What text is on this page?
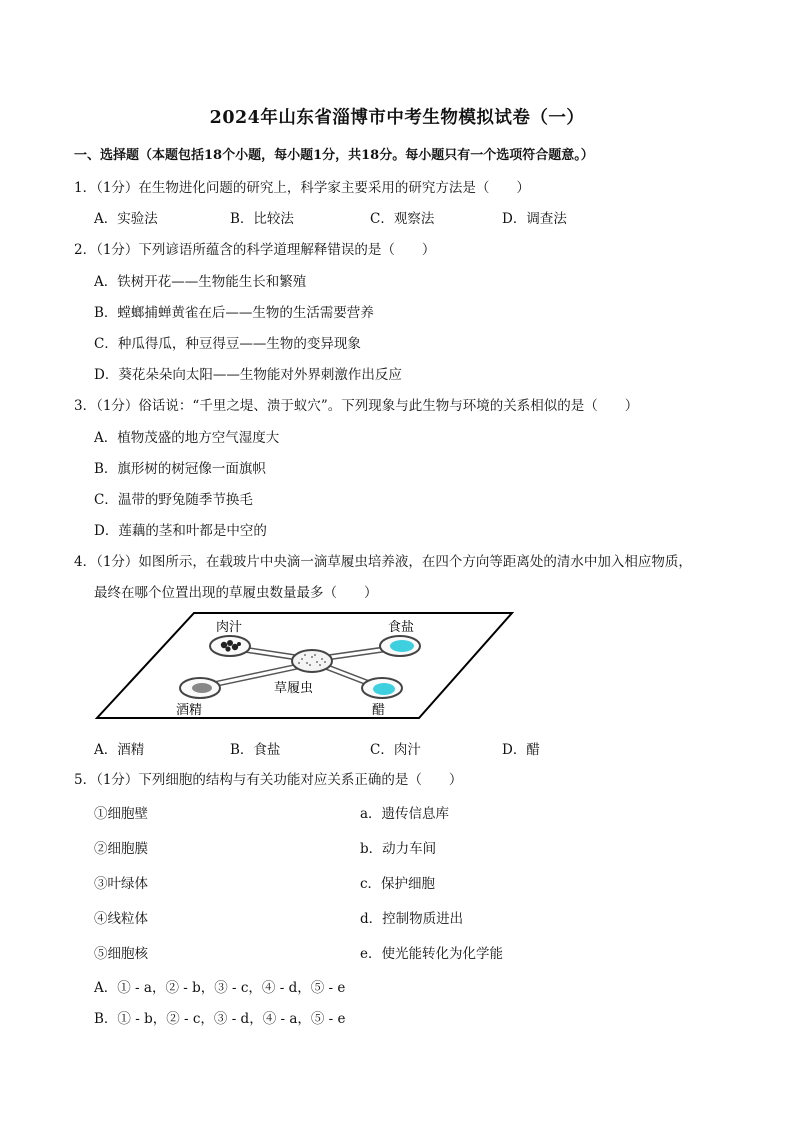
2024年山东省淄博市中考生物模拟试卷（一）
一、选择题（本题包括18个小题，每小题1分，共18分。每小题只有一个选项符合题意。）
1．（1分）在生物进化问题的研究上，科学家主要采用的研究方法是（　　）
A．实验法	B．比较法	C．观察法	D．调查法
2．（1分）下列谚语所蕴含的科学道理解释错误的是（　　）
A．铁树开花——生物能生长和繁殖
B．螳螂捕蝉黄雀在后——生物的生活需要营养
C．种瓜得瓜，种豆得豆——生物的变异现象
D．葵花朵朵向太阳——生物能对外界刺激作出反应
3．（1分）俗话说：“千里之堤、溃于蚁穴”。下列现象与此生物与环境的关系相似的是（　　）
A．植物茂盛的地方空气湿度大
B．旗形树的树冠像一面旗帜
C．温带的野兔随季节换毛
D．莲藕的茎和叶都是中空的
4．（1分）如图所示，在载玻片中央滴一滴草履虫培养液，在四个方向等距离处的清水中加入相应物质，
最终在哪个位置出现的草履虫数量最多（　　）
肉汁	食盐
草履虫
酒精	醋
A．酒精	B．食盐	C．肉汁	D．醋
5．（1分）下列细胞的结构与有关功能对应关系正确的是（　　）
①细胞壁	a．遗传信息库
②细胞膜	b．动力车间
③叶绿体	c．保护细胞
④线粒体	d．控制物质进出
⑤细胞核	e．使光能转化为化学能
A．① - a，② - b，③ - c，④ - d，⑤ - e
B．① - b，② - c，③ - d，④ - a，⑤ - e
